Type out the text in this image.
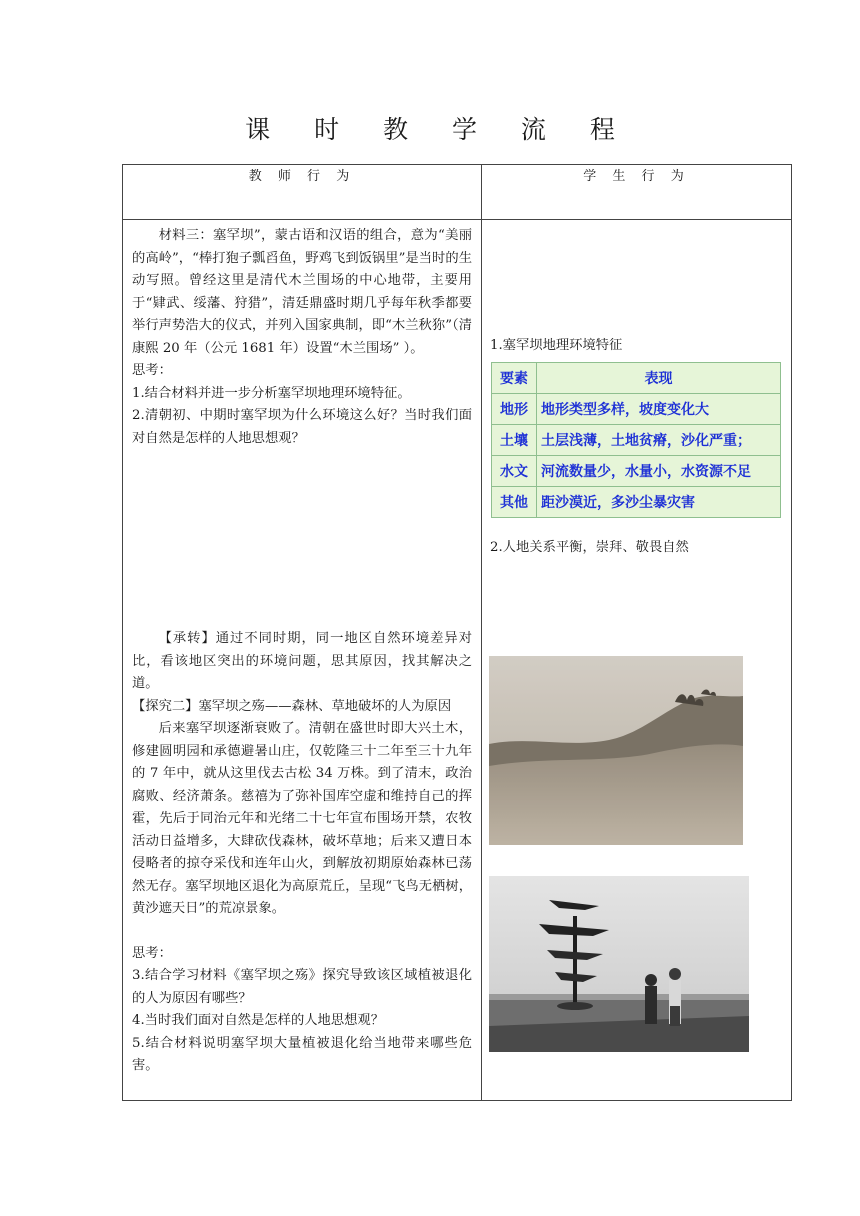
课 时 教 学 流 程
教 师 行 为	学 生 行 为

材料三：塞罕坝”，蒙古语和汉语的组合，意为“美丽的高岭”，“棒打狍子瓢舀鱼，野鸡飞到饭锅里”是当时的生动写照。曾经这里是清代木兰围场的中心地带，主要用于“肄武、绥藩、狩猎”，清廷鼎盛时期几乎每年秋季都要举行声势浩大的仪式，并列入国家典制，即“木兰秋狝”（清康熙 20 年（公元 1681 年）设置“木兰围场” ）。

思考：

1.结合材料并进一步分析塞罕坝地理环境特征。

2.清朝初、中期时塞罕坝为什么环境这么好？当时我们面对自然是怎样的人地思想观？

【承转】通过不同时期，同一地区自然环境差异对比，看该地区突出的环境问题，思其原因，找其解决之道。

【探究二】塞罕坝之殇——森林、草地破坏的人为原因

后来塞罕坝逐渐衰败了。清朝在盛世时即大兴土木，修建圆明园和承德避暑山庄，仅乾隆三十二年至三十九年的 7 年中，就从这里伐去古松 34 万株。到了清末，政治腐败、经济萧条。慈禧为了弥补国库空虚和维持自己的挥霍，先后于同治元年和光绪二十七年宣布围场开禁，农牧活动日益增多，大肆砍伐森林，破坏草地；后来又遭日本侵略者的掠夺采伐和连年山火，到解放初期原始森林已荡然无存。塞罕坝地区退化为高原荒丘，呈现“飞鸟无栖树，黄沙遮天日”的荒凉景象。

思考：

3.结合学习材料《塞罕坝之殇》探究导致该区域植被退化的人为原因有哪些？

4.当时我们面对自然是怎样的人地思想观？

5.结合材料说明塞罕坝大量植被退化给当地带来哪些危害。

1.塞罕坝地理环境特征
要素	表现
地形	地形类型多样，坡度变化大
土壤	土层浅薄，土地贫瘠，沙化严重；
水文	河流数量少，水量小，水资源不足
其他	距沙漠近，多沙尘暴灾害
2.人地关系平衡，崇拜、敬畏自然
